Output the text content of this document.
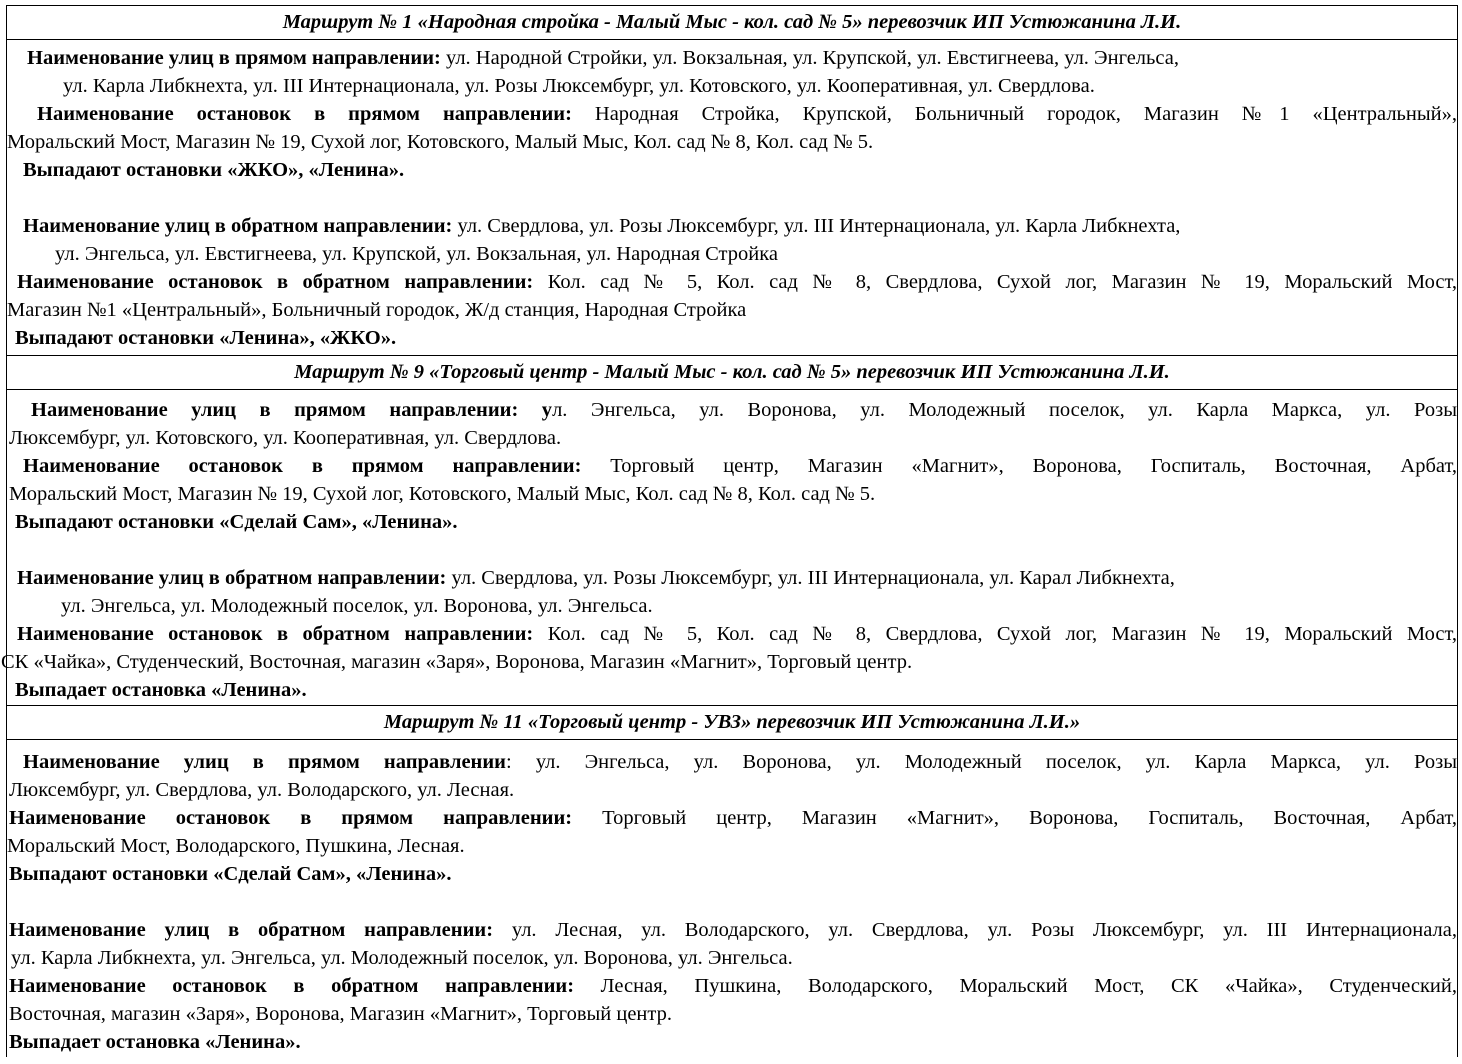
Маршрут № 1 «Народная стройка - Малый Мыс - кол. сад № 5» перевозчик ИП Устюжанина Л.И.
Наименование улиц в прямом направлении: ул. Народной Стройки, ул. Вокзальная, ул. Крупской, ул. Евстигнеева, ул. Энгельса,
ул. Карла Либкнехта, ул. III Интернационала, ул. Розы Люксембург, ул. Котовского, ул. Кооперативная, ул. Свердлова.
Наименование остановок в прямом направлении: Народная Стройка, Крупской, Больничный городок, Магазин №1 «Центральный»,
Моральский Мост, Магазин № 19, Сухой лог, Котовского, Малый Мыс, Кол. сад № 8, Кол. сад № 5.
Выпадают остановки «ЖКО», «Ленина».
Наименование улиц в обратном направлении: ул. Свердлова, ул. Розы Люксембург, ул. III Интернационала, ул. Карла Либкнехта,
ул. Энгельса, ул. Евстигнеева, ул. Крупской, ул. Вокзальная, ул. Народная Стройка
Наименование остановок в обратном направлении: Кол. сад № 5, Кол. сад № 8, Свердлова, Сухой лог, Магазин № 19, Моральский Мост,
Магазин №1 «Центральный», Больничный городок, Ж/д станция, Народная Стройка
Выпадают остановки «Ленина», «ЖКО».
Маршрут № 9 «Торговый центр - Малый Мыс - кол. сад № 5» перевозчик ИП Устюжанина Л.И.
Наименование улиц в прямом направлении: ул. Энгельса, ул. Воронова, ул. Молодежный поселок, ул. Карла Маркса, ул. Розы
Люксембург, ул. Котовского, ул. Кооперативная, ул. Свердлова.
Наименование остановок в прямом направлении: Торговый центр, Магазин «Магнит», Воронова, Госпиталь, Восточная, Арбат,
Моральский Мост, Магазин № 19, Сухой лог, Котовского, Малый Мыс, Кол. сад № 8, Кол. сад № 5.
Выпадают остановки «Сделай Сам», «Ленина».
Наименование улиц в обратном направлении: ул. Свердлова, ул. Розы Люксембург, ул. III Интернационала, ул. Карал Либкнехта,
ул. Энгельса, ул. Молодежный поселок, ул. Воронова, ул. Энгельса.
Наименование остановок в обратном направлении: Кол. сад № 5, Кол. сад № 8, Свердлова, Сухой лог, Магазин № 19, Моральский Мост,
СК «Чайка», Студенческий, Восточная, магазин «Заря», Воронова, Магазин «Магнит», Торговый центр.
Выпадает остановка «Ленина».
Маршрут № 11 «Торговый центр - УВЗ» перевозчик ИП Устюжанина Л.И.»
Наименование улиц в прямом направлении: ул. Энгельса, ул. Воронова, ул. Молодежный поселок, ул. Карла Маркса, ул. Розы
Люксембург, ул. Свердлова, ул. Володарского, ул. Лесная.
Наименование остановок в прямом направлении: Торговый центр, Магазин «Магнит», Воронова, Госпиталь, Восточная, Арбат,
Моральский Мост, Володарского, Пушкина, Лесная.
Выпадают остановки «Сделай Сам», «Ленина».
Наименование улиц в обратном направлении: ул. Лесная, ул. Володарского, ул. Свердлова, ул. Розы Люксембург, ул. III Интернационала,
ул. Карла Либкнехта, ул. Энгельса, ул. Молодежный поселок, ул. Воронова, ул. Энгельса.
Наименование остановок в обратном направлении: Лесная, Пушкина, Володарского, Моральский Мост, СК «Чайка», Студенческий,
Восточная, магазин «Заря», Воронова, Магазин «Магнит», Торговый центр.
Выпадает остановка «Ленина».
